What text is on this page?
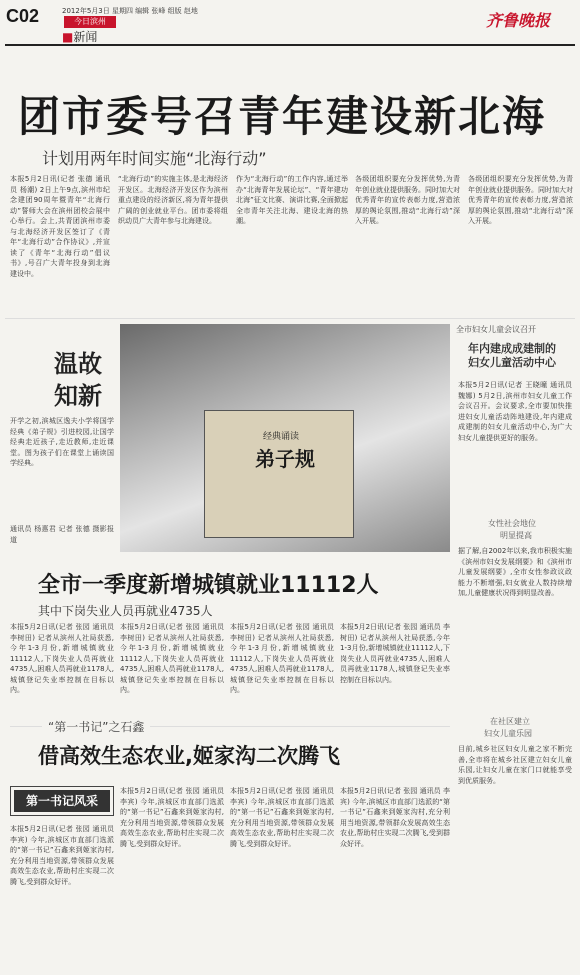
C02	2012年5月3日 星期四 编辑 张峰 组版 赵地
今日滨州
■新闻
齐鲁晚报
团市委号召青年建设新北海
计划用两年时间实施“北海行动”
本报5月2日讯(记者 张德 通讯员 杨潮) 2日上午9点,滨州市纪念建团90周年暨青年“北海行动”誓师大会在滨州团校会展中心举行。会上,共青团滨州市委与北海经济开发区签订了《青年“北海行动”合作协议》,并宣读了《青年“北海行动”倡议书》,号召广大青年投身到北海建设中。
“北海行动”的实施主体,是北海经济开发区。北海经济开发区作为滨州重点建设的经济新区,将为青年提供广阔的创业就业平台。团市委将组织动员广大青年参与北海建设。
作为“北海行动”的工作内容,通过举办“北海青年发展论坛”、“青年建功北海”征文比赛、演讲比赛,全面掀起全市青年关注北海、建设北海的热潮。
各级团组织要充分发挥优势,为青年创业就业提供服务。同时加大对优秀青年的宣传表彰力度,营造浓厚的舆论氛围,推动“北海行动”深入开展。
各级团组织要充分发挥优势,为青年创业就业提供服务。同时加大对优秀青年的宣传表彰力度,营造浓厚的舆论氛围,推动“北海行动”深入开展。
温故
知新
开学之初,滨城区逸夫小学将国学经典《弟子规》引进校园,让国学经典走近孩子,走近教师,走近课堂。图为孩子们在课堂上诵读国学经典。
通讯员 杨惠君 记者 张德 摄影报道
经典诵读
弟子规
全市妇女儿童会议召开
年内建成成建制的
妇女儿童活动中心
本报5月2日讯(记者 王晓曈 通讯员 魏娜) 5月2日,滨州市妇女儿童工作会议召开。会议要求,全市要加快推进妇女儿童活动阵地建设,年内建成成建制的妇女儿童活动中心,为广大妇女儿童提供更好的服务。
女性社会地位
明显提高
据了解,自2002年以来,我市积极实施《滨州市妇女发展纲要》和《滨州市儿童发展纲要》,全市女性参政议政能力不断增强,妇女就业人数持续增加,儿童健康状况得到明显改善。
在社区建立
妇女儿童乐园
目前,城乡社区妇女儿童之家不断完善,全市将在城乡社区建立妇女儿童乐园,让妇女儿童在家门口就能享受到优质服务。
全市一季度新增城镇就业11112人
其中下岗失业人员再就业4735人
本报5月2日讯(记者 张园 通讯员 李树田) 记者从滨州人社局获悉,今年1-3月份,新增城镇就业11112人,下岗失业人员再就业4735人,困难人员再就业1178人,城镇登记失业率控制在目标以内。
本报5月2日讯(记者 张园 通讯员 李树田) 记者从滨州人社局获悉,今年1-3月份,新增城镇就业11112人,下岗失业人员再就业4735人,困难人员再就业1178人,城镇登记失业率控制在目标以内。
本报5月2日讯(记者 张园 通讯员 李树田) 记者从滨州人社局获悉,今年1-3月份,新增城镇就业11112人,下岗失业人员再就业4735人,困难人员再就业1178人,城镇登记失业率控制在目标以内。
本报5月2日讯(记者 张园 通讯员 李树田) 记者从滨州人社局获悉,今年1-3月份,新增城镇就业11112人,下岗失业人员再就业4735人,困难人员再就业1178人,城镇登记失业率控制在目标以内。
“第一书记”之石鑫
借高效生态农业,姬家沟二次腾飞
第一书记风采
本报5月2日讯(记者 张园 通讯员 李宾) 今年,滨城区市直部门选派的“第一书记”石鑫来到姬家沟村,充分利用当地资源,带领群众发展高效生态农业,帮助村庄实现二次腾飞,受到群众好评。
本报5月2日讯(记者 张园 通讯员 李宾) 今年,滨城区市直部门选派的“第一书记”石鑫来到姬家沟村,充分利用当地资源,带领群众发展高效生态农业,帮助村庄实现二次腾飞,受到群众好评。
本报5月2日讯(记者 张园 通讯员 李宾) 今年,滨城区市直部门选派的“第一书记”石鑫来到姬家沟村,充分利用当地资源,带领群众发展高效生态农业,帮助村庄实现二次腾飞,受到群众好评。
本报5月2日讯(记者 张园 通讯员 李宾) 今年,滨城区市直部门选派的“第一书记”石鑫来到姬家沟村,充分利用当地资源,带领群众发展高效生态农业,帮助村庄实现二次腾飞,受到群众好评。
